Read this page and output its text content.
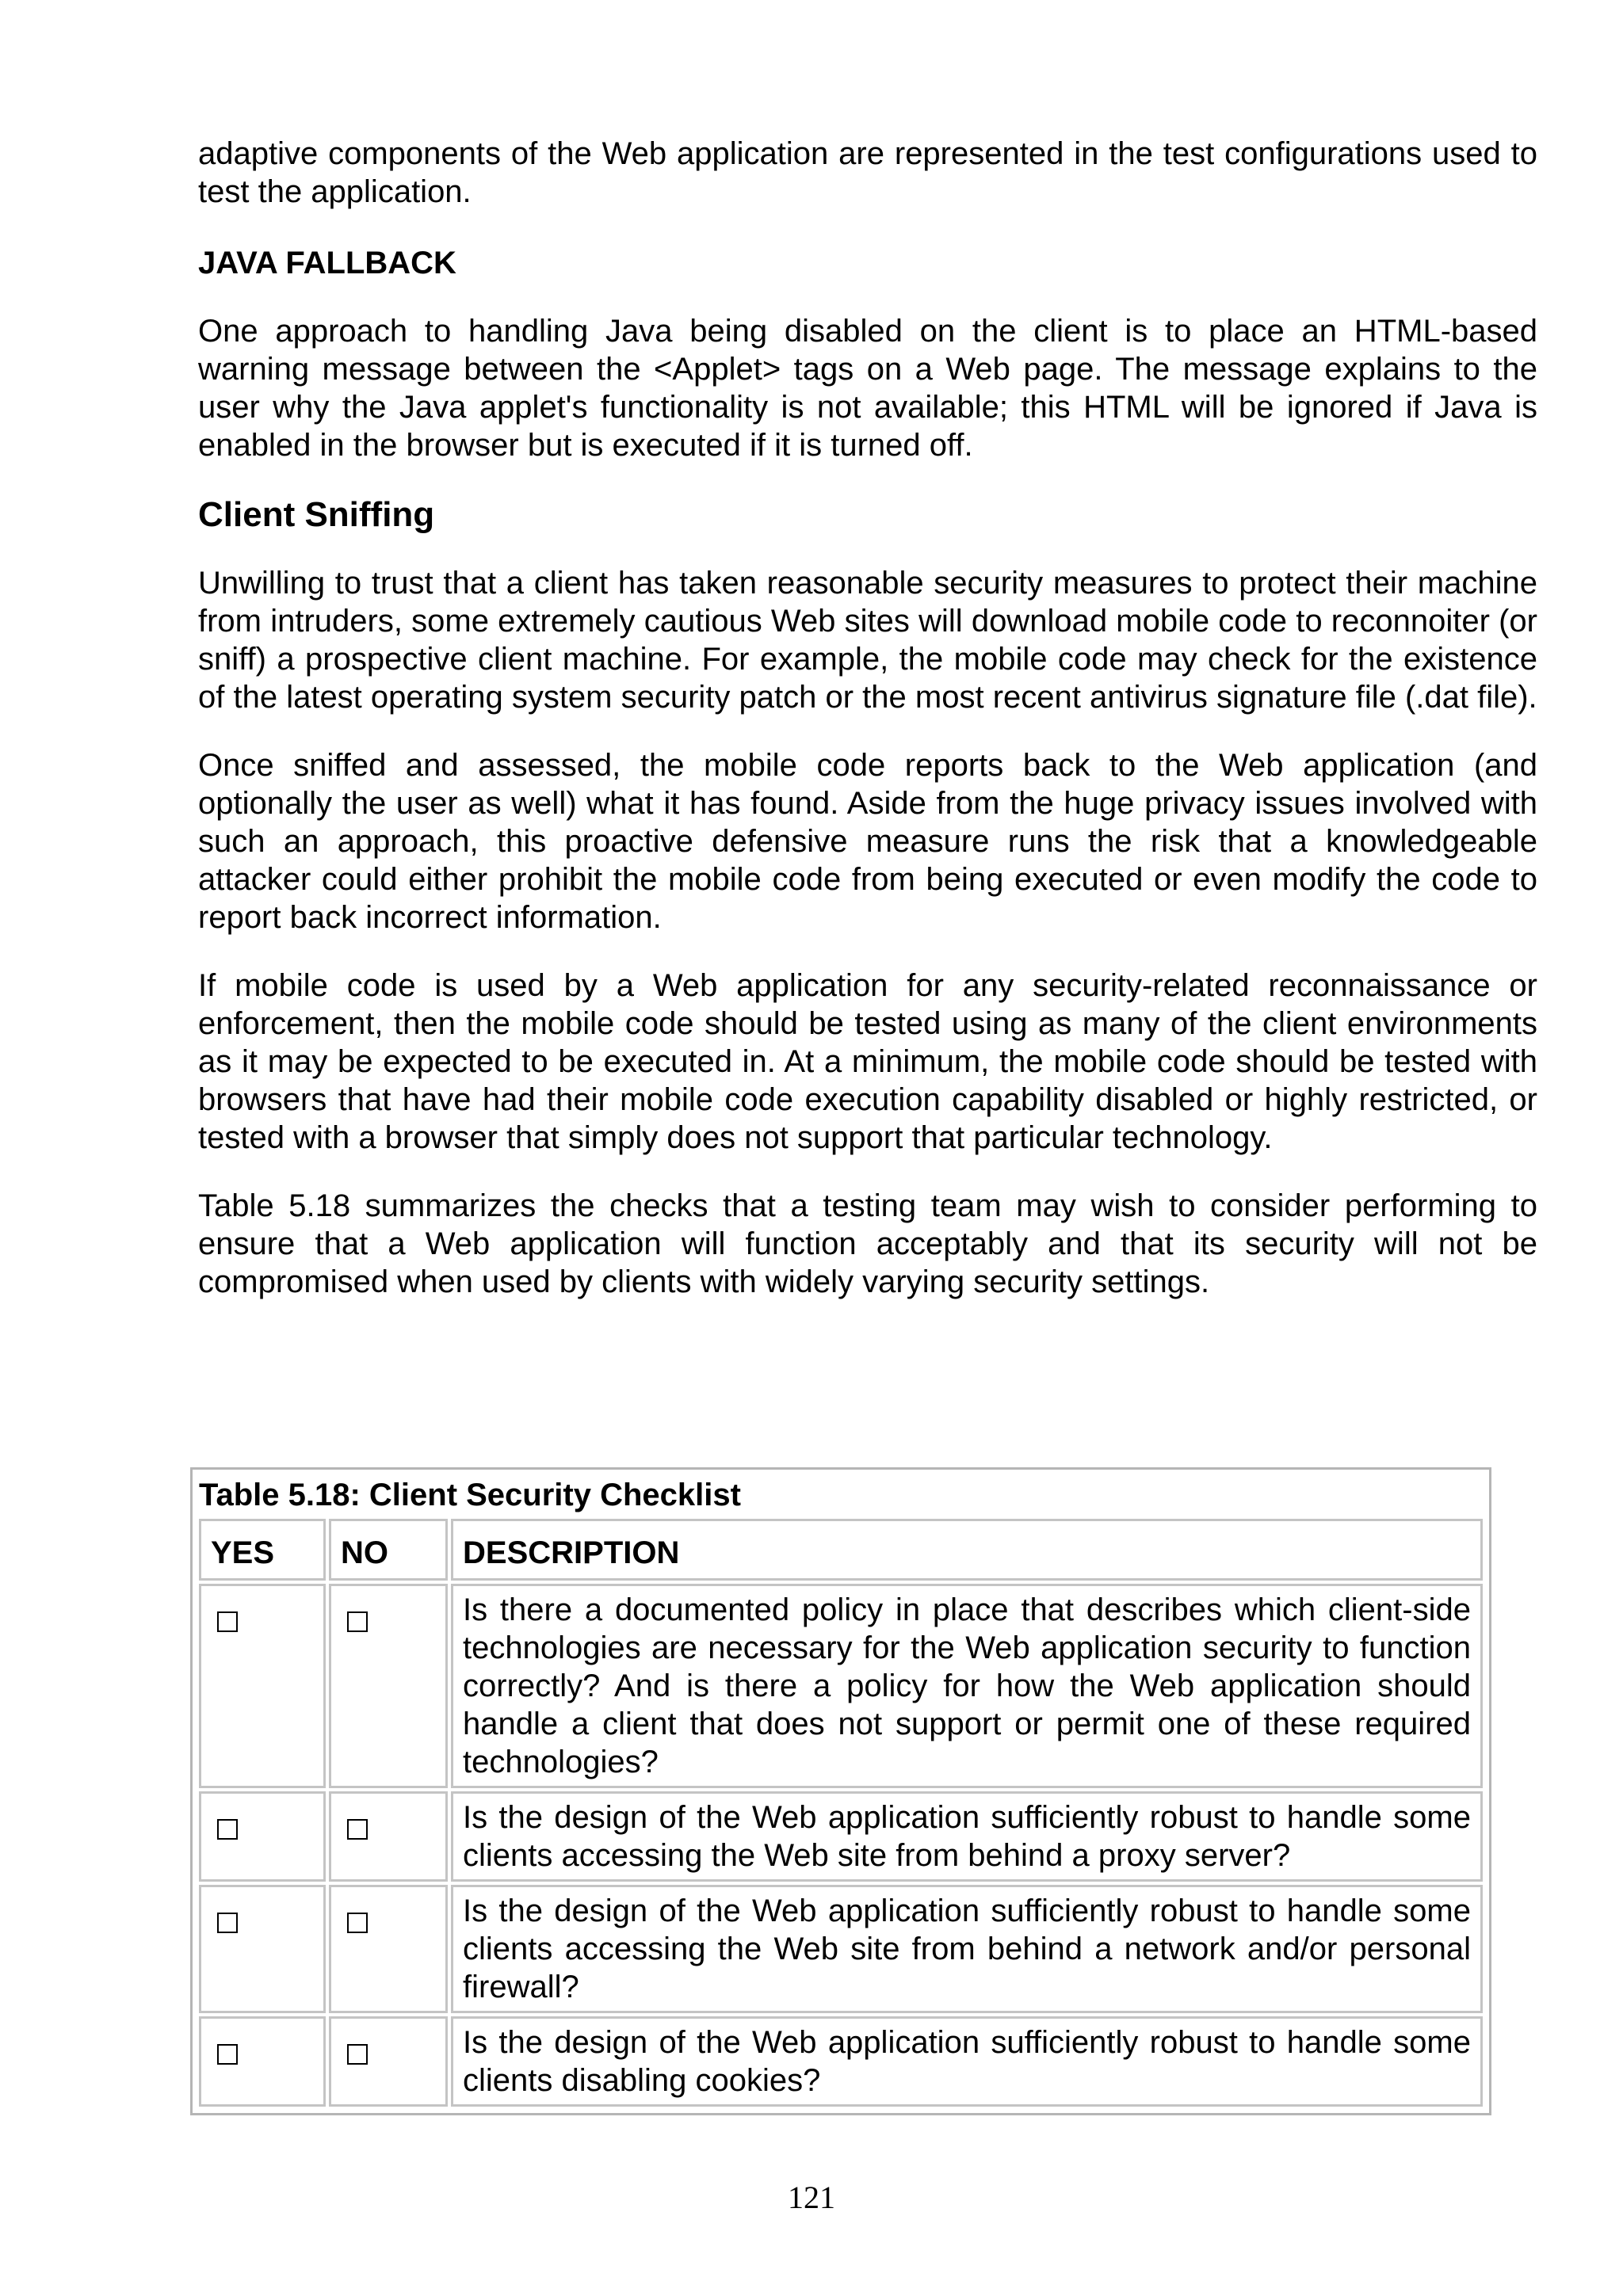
adaptive components of the Web application are represented in the test configurations used to test the application.

JAVA FALLBACK

One approach to handling Java being disabled on the client is to place an HTML-based warning message between the <Applet> tags on a Web page. The message explains to the user why the Java applet's functionality is not available; this HTML will be ignored if Java is enabled in the browser but is executed if it is turned off.

Client Sniffing

Unwilling to trust that a client has taken reasonable security measures to protect their machine from intruders, some extremely cautious Web sites will download mobile code to reconnoiter (or sniff) a prospective client machine. For example, the mobile code may check for the existence of the latest operating system security patch or the most recent antivirus signature file (.dat file).

Once sniffed and assessed, the mobile code reports back to the Web application (and optionally the user as well) what it has found. Aside from the huge privacy issues involved with such an approach, this proactive defensive measure runs the risk that a knowledgeable attacker could either prohibit the mobile code from being executed or even modify the code to report back incorrect information.

If mobile code is used by a Web application for any security-related reconnaissance or enforcement, then the mobile code should be tested using as many of the client environments as it may be expected to be executed in. At a minimum, the mobile code should be tested with browsers that have had their mobile code execution capability disabled or highly restricted, or tested with a browser that simply does not support that particular technology.

Table 5.18 summarizes the checks that a testing team may wish to consider performing to ensure that a Web application will function acceptably and that its security will not be compromised when used by clients with widely varying security settings.

Table 5.18: Client Security Checklist
YES	NO	DESCRIPTION
		Is there a documented policy in place that describes which client-side technologies are necessary for the Web application security to function correctly? And is there a policy for how the Web application should handle a client that does not support or permit one of these required technologies?
		Is the design of the Web application sufficiently robust to handle some clients accessing the Web site from behind a proxy server?
		Is the design of the Web application sufficiently robust to handle some clients accessing the Web site from behind a network and/or personal firewall?
		Is the design of the Web application sufficiently robust to handle some clients disabling cookies?
121
